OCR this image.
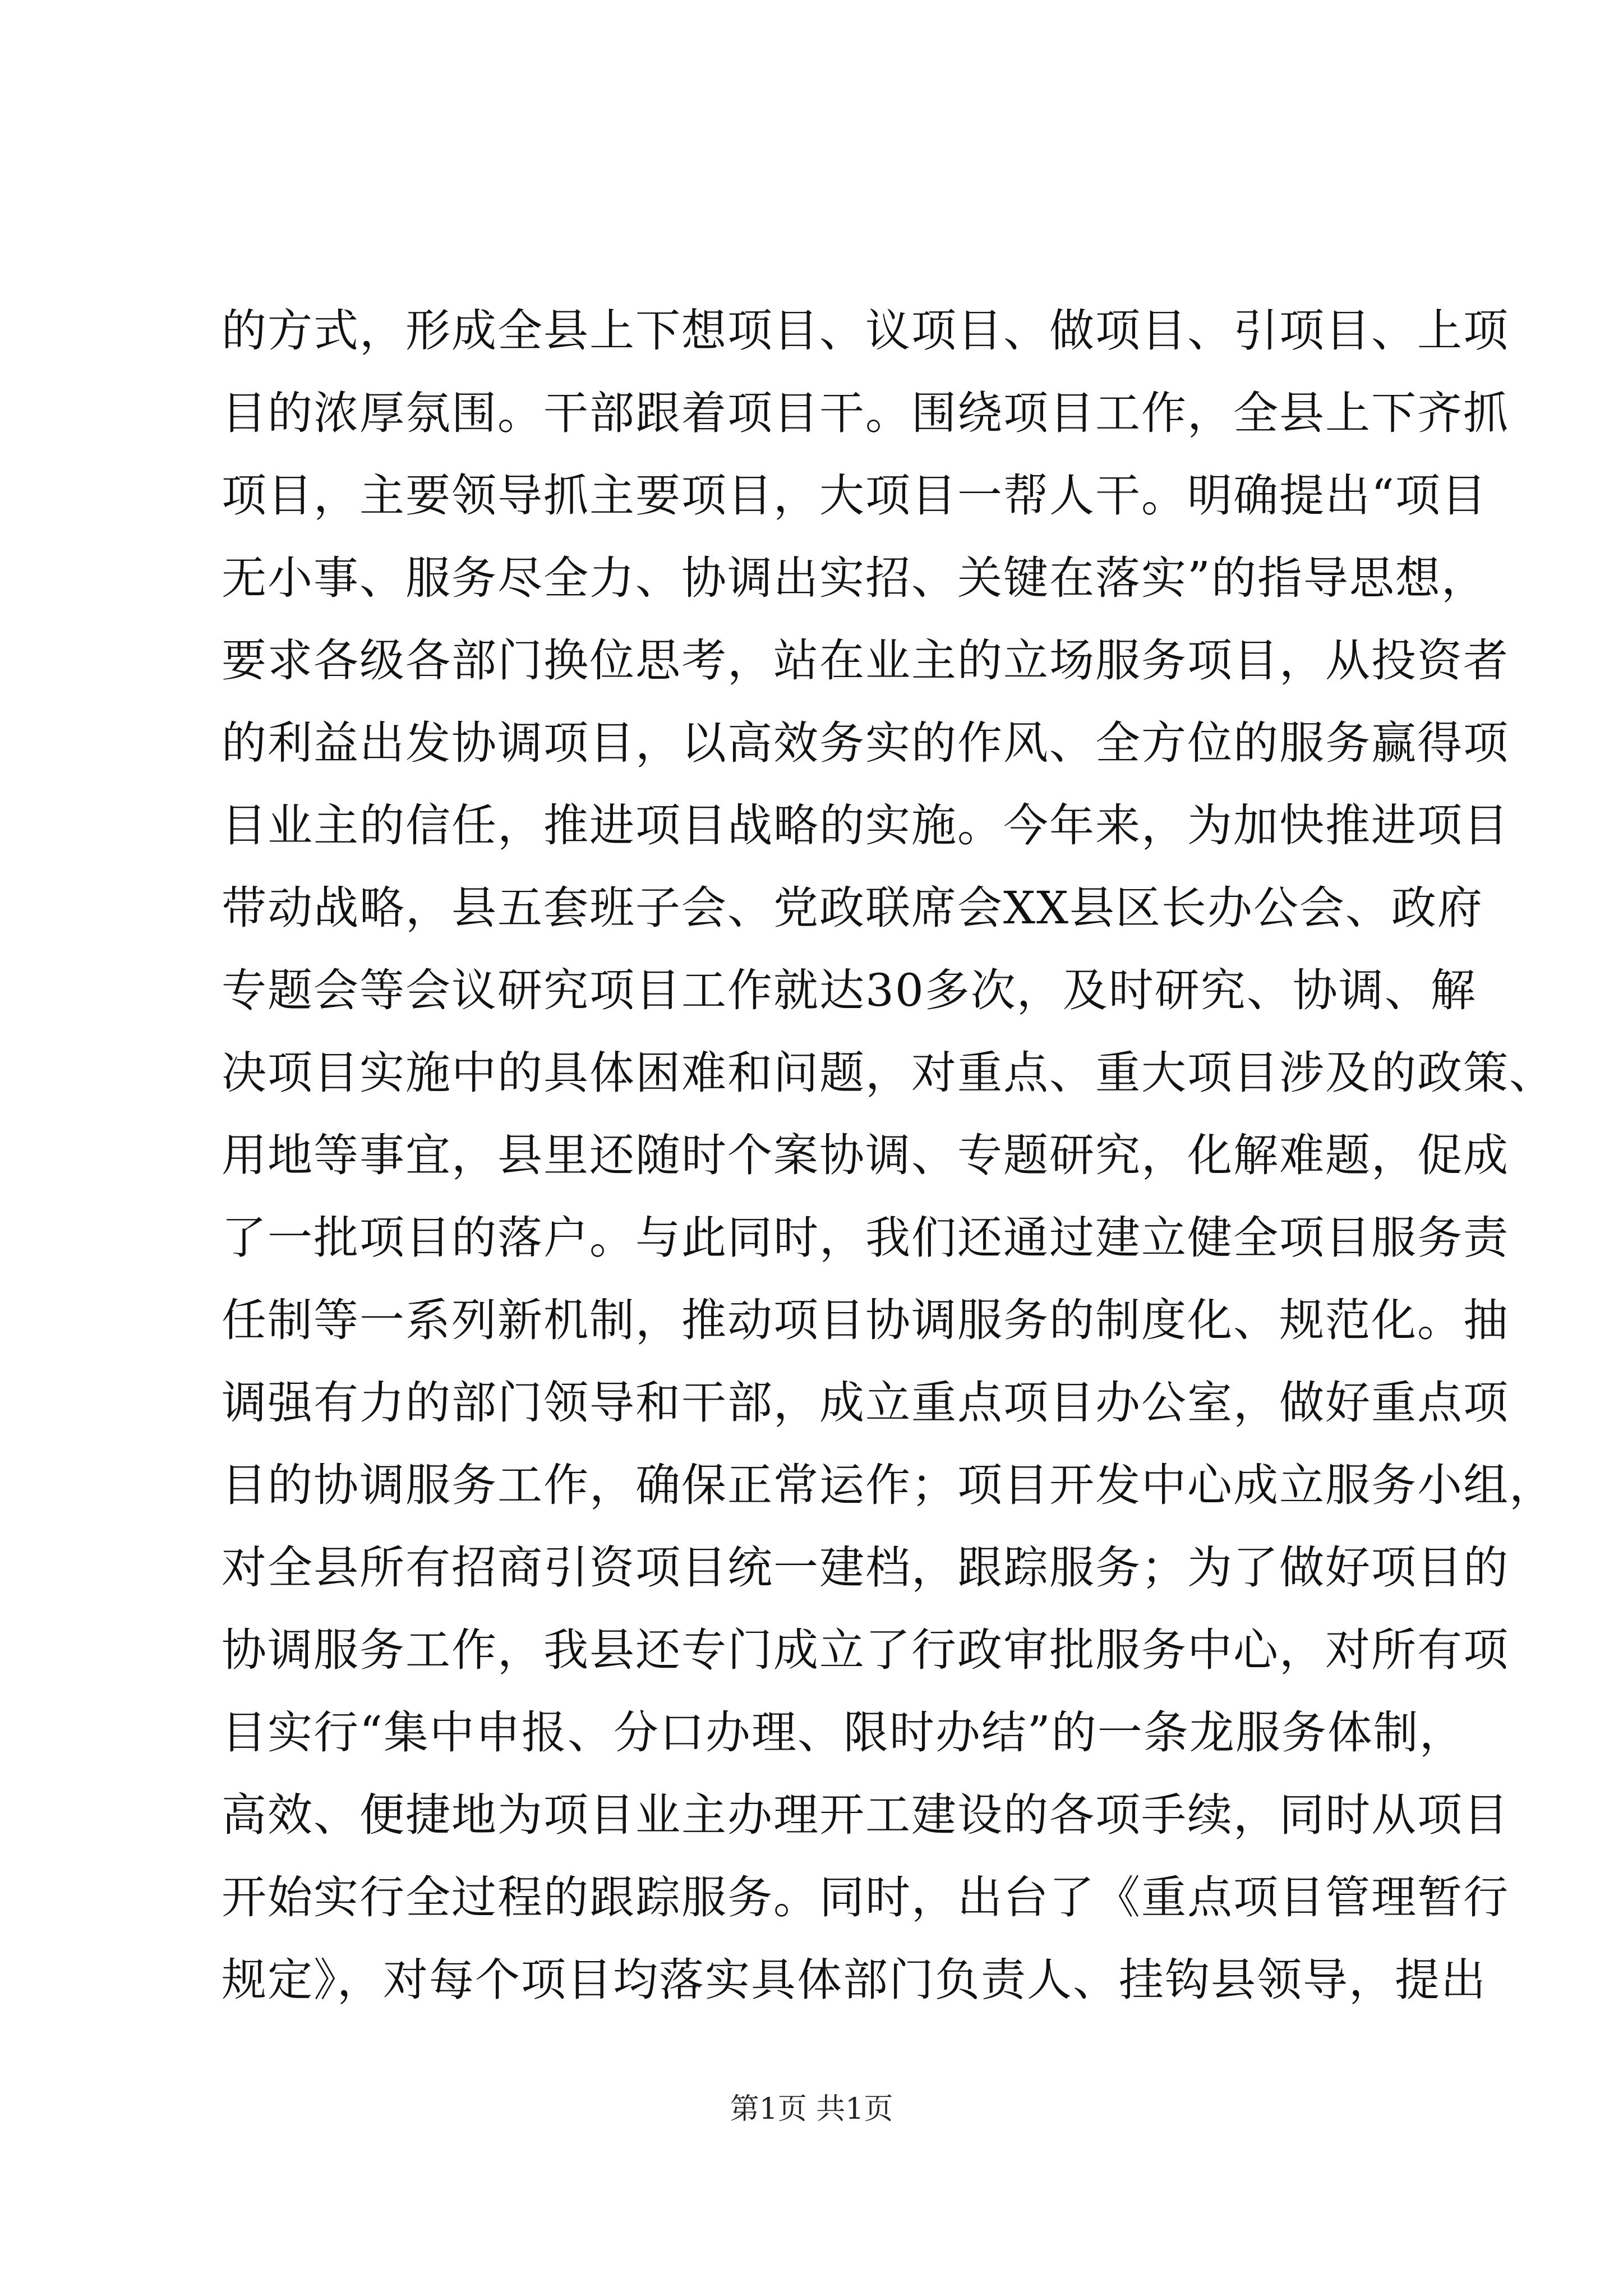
的方式，形成全县上下想项目、议项目、做项目、引项目、上项
目的浓厚氛围。干部跟着项目干。围绕项目工作，全县上下齐抓
项目，主要领导抓主要项目，大项目一帮人干。明确提出“项目
无小事、服务尽全力、协调出实招、关键在落实”的指导思想，
要求各级各部门换位思考，站在业主的立场服务项目，从投资者
的利益出发协调项目，以高效务实的作风、全方位的服务赢得项
目业主的信任，推进项目战略的实施。今年来，为加快推进项目
带动战略，县五套班子会、党政联席会XX县区长办公会、政府
专题会等会议研究项目工作就达30多次，及时研究、协调、解
决项目实施中的具体困难和问题，对重点、重大项目涉及的政策、
用地等事宜，县里还随时个案协调、专题研究，化解难题，促成
了一批项目的落户。与此同时，我们还通过建立健全项目服务责
任制等一系列新机制，推动项目协调服务的制度化、规范化。抽
调强有力的部门领导和干部，成立重点项目办公室，做好重点项
目的协调服务工作，确保正常运作；项目开发中心成立服务小组，
对全县所有招商引资项目统一建档，跟踪服务；为了做好项目的
协调服务工作，我县还专门成立了行政审批服务中心，对所有项
目实行“集中申报、分口办理、限时办结”的一条龙服务体制，
高效、便捷地为项目业主办理开工建设的各项手续，同时从项目
开始实行全过程的跟踪服务。同时，出台了《重点项目管理暂行
规定》，对每个项目均落实具体部门负责人、挂钩县领导，提出
第1页 共1页
